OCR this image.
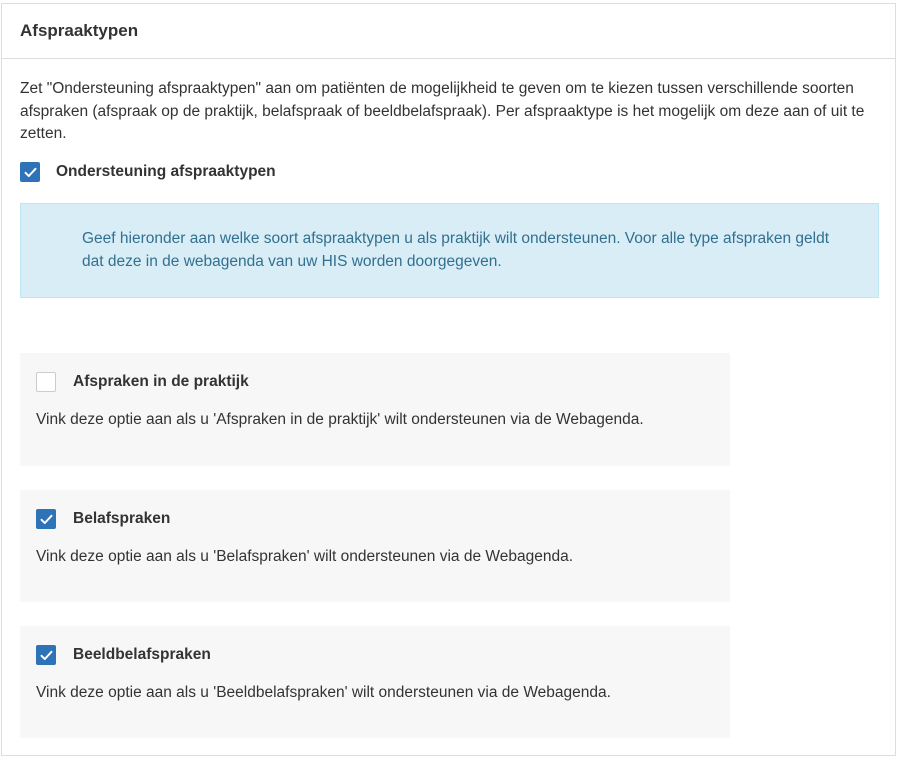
Afspraaktypen

Zet "Ondersteuning afspraaktypen" aan om patiënten de mogelijkheid te geven om te kiezen tussen verschillende soorten afspraken (afspraak op de praktijk, belafspraak of beeldbelafspraak). Per afspraaktype is het mogelijk om deze aan of uit te zetten.

Ondersteuning afspraaktypen
Geef hieronder aan welke soort afspraaktypen u als praktijk wilt ondersteunen. Voor alle type afspraken geldt dat deze in de webagenda van uw HIS worden doorgegeven.
Afspraken in de praktijk
Vink deze optie aan als u 'Afspraken in de praktijk' wilt ondersteunen via de Webagenda.
Belafspraken
Vink deze optie aan als u 'Belafspraken' wilt ondersteunen via de Webagenda.
Beeldbelafspraken
Vink deze optie aan als u 'Beeldbelafspraken' wilt ondersteunen via de Webagenda.
